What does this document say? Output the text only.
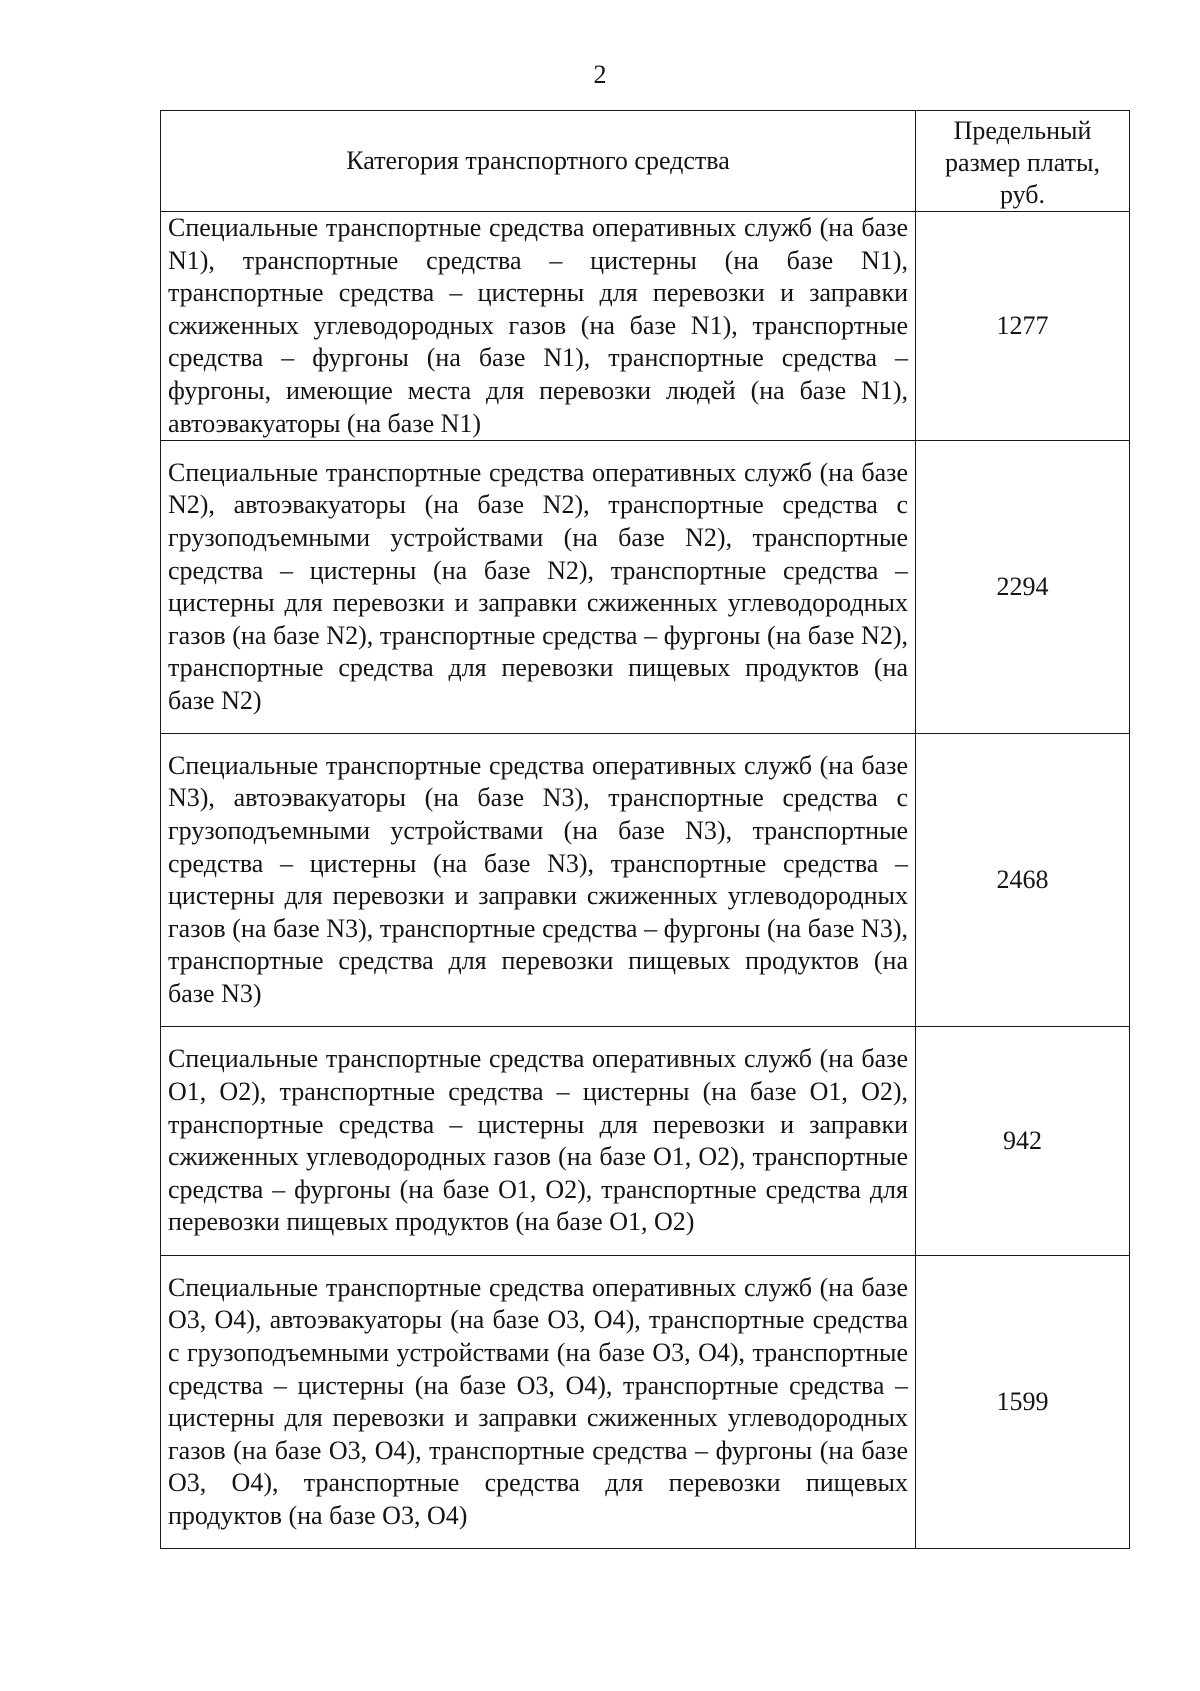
2
Категория транспортного средства	Предельный размер платы, руб.
Специальные транспортные средства оперативных служб (на базе N1), транспортные средства – цистерны (на базе N1), транспортные средства – цистерны для перевозки и заправки сжиженных углеводородных газов (на базе N1), транспортные средства – фургоны (на базе N1), транспортные средства – фургоны, имеющие места для перевозки людей (на базе N1), автоэвакуаторы (на базе N1)	1277
Специальные транспортные средства оперативных служб (на базе N2), автоэвакуаторы (на базе N2), транспортные средства с грузоподъемными устройствами (на базе N2), транспортные средства – цистерны (на базе N2), транспортные средства – цистерны для перевозки и заправки сжиженных углеводородных газов (на базе N2), транспортные средства – фургоны (на базе N2), транспортные средства для перевозки пищевых продуктов (на базе N2)	2294
Специальные транспортные средства оперативных служб (на базе N3), автоэвакуаторы (на базе N3), транспортные средства с грузоподъемными устройствами (на базе N3), транспортные средства – цистерны (на базе N3), транспортные средства – цистерны для перевозки и заправки сжиженных углеводородных газов (на базе N3), транспортные средства – фургоны (на базе N3), транспортные средства для перевозки пищевых продуктов (на базе N3)	2468
Специальные транспортные средства оперативных служб (на базе O1, O2), транспортные средства – цистерны (на базе O1, O2), транспортные средства – цистерны для перевозки и заправки сжиженных углеводородных газов (на базе O1, O2), транспортные средства – фургоны (на базе O1, O2), транспортные средства для перевозки пищевых продуктов (на базе O1, O2)	942
Специальные транспортные средства оперативных служб (на базе O3, O4), автоэвакуаторы (на базе O3, O4), транспортные средства с грузоподъемными устройствами (на базе O3, O4), транспортные средства – цистерны (на базе O3, O4), транспортные средства – цистерны для перевозки и заправки сжиженных углеводородных газов (на базе O3, O4), транспортные средства – фургоны (на базе O3, O4), транспортные средства для перевозки пищевых продуктов (на базе O3, O4)	1599
